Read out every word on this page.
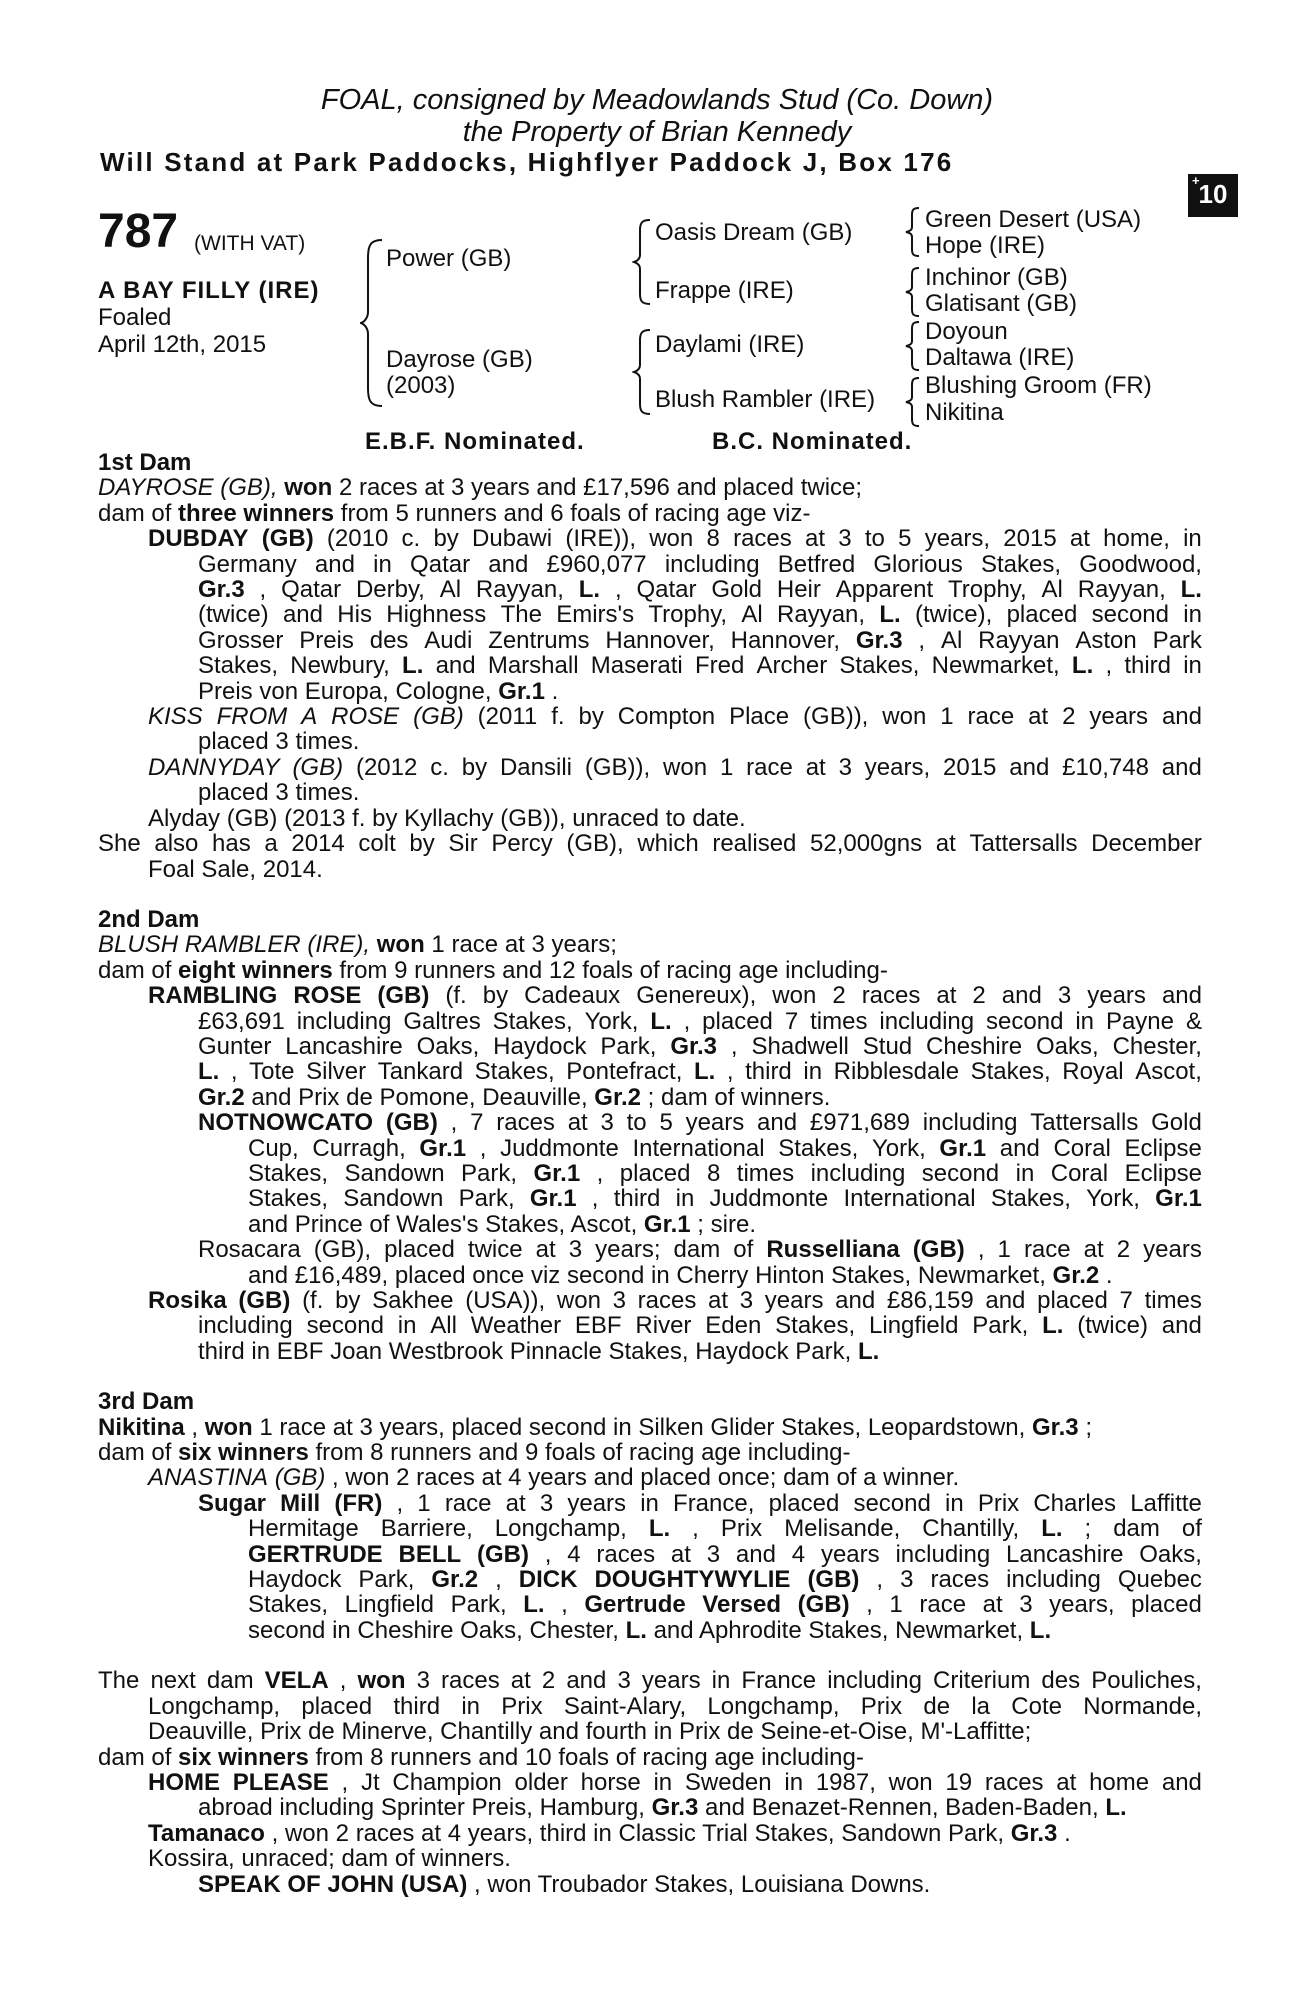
FOAL, consigned by Meadowlands Stud (Co. Down)
the Property of Brian Kennedy
Will Stand at Park Paddocks, Highflyer Paddock J, Box 176
+
10
787 (WITH VAT)
A BAY FILLY (IRE)
Foaled
April 12th, 2015
Power (GB)
Dayrose (GB)
(2003)
Oasis Dream (GB)
Frappe (IRE)
Daylami (IRE)
Blush Rambler (IRE)
Green Desert (USA)
Hope (IRE)
Inchinor (GB)
Glatisant (GB)
Doyoun
Daltawa (IRE)
Blushing Groom (FR)
Nikitina
E.B.F. Nominated.	B.C. Nominated.
1st Dam
DAYROSE (GB), won 2 races at 3 years and £17,596 and placed twice;
dam of three winners from 5 runners and 6 foals of racing age viz-
DUBDAY (GB) (2010 c. by Dubawi (IRE)), won 8 races at 3 to 5 years, 2015 at home, in
Germany and in Qatar and £960,077 including Betfred Glorious Stakes, Goodwood,
Gr.3 , Qatar Derby, Al Rayyan, L. , Qatar Gold Heir Apparent Trophy, Al Rayyan, L.
(twice) and His Highness The Emirs's Trophy, Al Rayyan, L. (twice), placed second in
Grosser Preis des Audi Zentrums Hannover, Hannover, Gr.3 , Al Rayyan Aston Park
Stakes, Newbury, L. and Marshall Maserati Fred Archer Stakes, Newmarket, L. , third in
Preis von Europa, Cologne, Gr.1 .
KISS FROM A ROSE (GB) (2011 f. by Compton Place (GB)), won 1 race at 2 years and
placed 3 times.
DANNYDAY (GB) (2012 c. by Dansili (GB)), won 1 race at 3 years, 2015 and £10,748 and
placed 3 times.
Alyday (GB) (2013 f. by Kyllachy (GB)), unraced to date.
She also has a 2014 colt by Sir Percy (GB), which realised 52,000gns at Tattersalls December
Foal Sale, 2014.
2nd Dam
BLUSH RAMBLER (IRE), won 1 race at 3 years;
dam of eight winners from 9 runners and 12 foals of racing age including-
RAMBLING ROSE (GB) (f. by Cadeaux Genereux), won 2 races at 2 and 3 years and
£63,691 including Galtres Stakes, York, L. , placed 7 times including second in Payne &
Gunter Lancashire Oaks, Haydock Park, Gr.3 , Shadwell Stud Cheshire Oaks, Chester,
L. , Tote Silver Tankard Stakes, Pontefract, L. , third in Ribblesdale Stakes, Royal Ascot,
Gr.2 and Prix de Pomone, Deauville, Gr.2 ; dam of winners.
NOTNOWCATO (GB) , 7 races at 3 to 5 years and £971,689 including Tattersalls Gold
Cup, Curragh, Gr.1 , Juddmonte International Stakes, York, Gr.1 and Coral Eclipse
Stakes, Sandown Park, Gr.1 , placed 8 times including second in Coral Eclipse
Stakes, Sandown Park, Gr.1 , third in Juddmonte International Stakes, York, Gr.1
and Prince of Wales's Stakes, Ascot, Gr.1 ; sire.
Rosacara (GB), placed twice at 3 years; dam of Russelliana (GB) , 1 race at 2 years
and £16,489, placed once viz second in Cherry Hinton Stakes, Newmarket, Gr.2 .
Rosika (GB) (f. by Sakhee (USA)), won 3 races at 3 years and £86,159 and placed 7 times
including second in All Weather EBF River Eden Stakes, Lingfield Park, L. (twice) and
third in EBF Joan Westbrook Pinnacle Stakes, Haydock Park, L.
3rd Dam
Nikitina , won 1 race at 3 years, placed second in Silken Glider Stakes, Leopardstown, Gr.3 ;
dam of six winners from 8 runners and 9 foals of racing age including-
ANASTINA (GB) , won 2 races at 4 years and placed once; dam of a winner.
Sugar Mill (FR) , 1 race at 3 years in France, placed second in Prix Charles Laffitte
Hermitage Barriere, Longchamp, L. , Prix Melisande, Chantilly, L. ; dam of
GERTRUDE BELL (GB) , 4 races at 3 and 4 years including Lancashire Oaks,
Haydock Park, Gr.2 , DICK DOUGHTYWYLIE (GB) , 3 races including Quebec
Stakes, Lingfield Park, L. , Gertrude Versed (GB) , 1 race at 3 years, placed
second in Cheshire Oaks, Chester, L. and Aphrodite Stakes, Newmarket, L.
The next dam VELA , won 3 races at 2 and 3 years in France including Criterium des Pouliches,
Longchamp, placed third in Prix Saint-Alary, Longchamp, Prix de la Cote Normande,
Deauville, Prix de Minerve, Chantilly and fourth in Prix de Seine-et-Oise, M'-Laffitte;
dam of six winners from 8 runners and 10 foals of racing age including-
HOME PLEASE , Jt Champion older horse in Sweden in 1987, won 19 races at home and
abroad including Sprinter Preis, Hamburg, Gr.3 and Benazet-Rennen, Baden-Baden, L.
Tamanaco , won 2 races at 4 years, third in Classic Trial Stakes, Sandown Park, Gr.3 .
Kossira, unraced; dam of winners.
SPEAK OF JOHN (USA) , won Troubador Stakes, Louisiana Downs.
